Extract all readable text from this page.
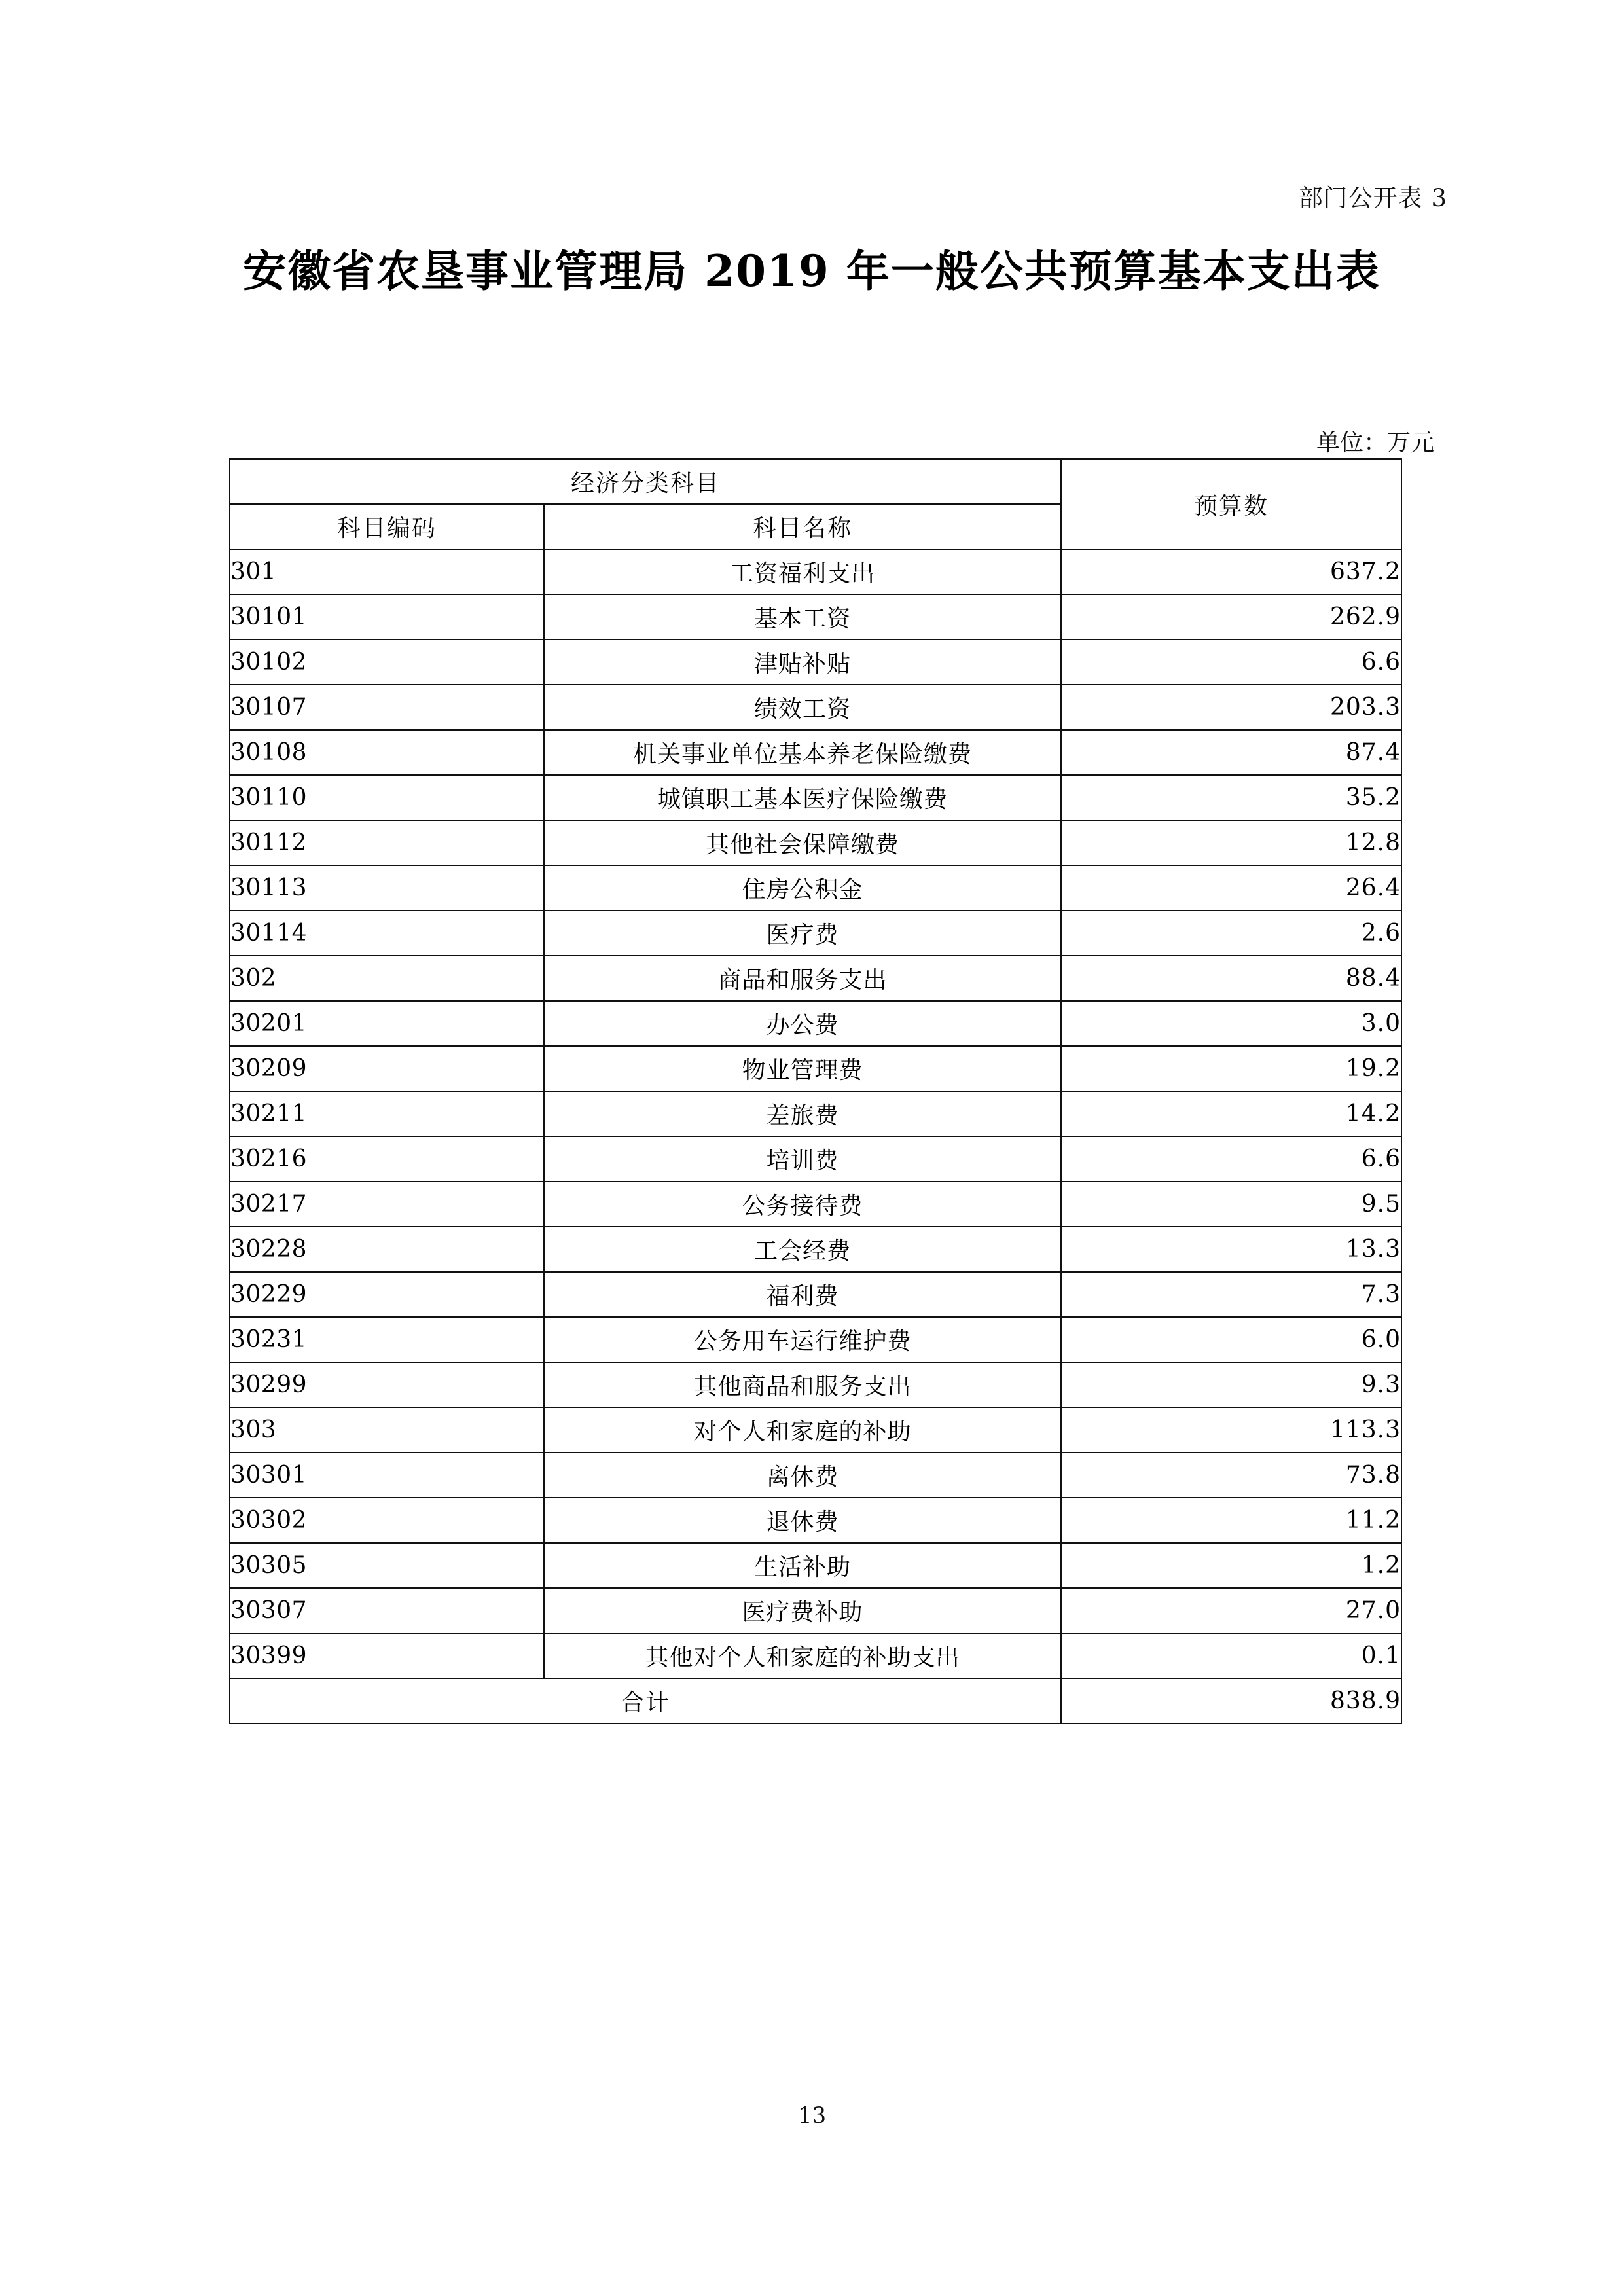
部门公开表 3
安徽省农垦事业管理局 2019 年一般公共预算基本支出表
单位：万元
经济分类科目		预算数
科目编码	科目名称	
301	工资福利支出	637.2
30101	基本工资	262.9
30102	津贴补贴	6.6
30107	绩效工资	203.3
30108	机关事业单位基本养老保险缴费	87.4
30110	城镇职工基本医疗保险缴费	35.2
30112	其他社会保障缴费	12.8
30113	住房公积金	26.4
30114	医疗费	2.6
302	商品和服务支出	88.4
30201	办公费	3.0
30209	物业管理费	19.2
30211	差旅费	14.2
30216	培训费	6.6
30217	公务接待费	9.5
30228	工会经费	13.3
30229	福利费	7.3
30231	公务用车运行维护费	6.0
30299	其他商品和服务支出	9.3
303	对个人和家庭的补助	113.3
30301	离休费	73.8
30302	退休费	11.2
30305	生活补助	1.2
30307	医疗费补助	27.0
30399	其他对个人和家庭的补助支出	0.1
合计		838.9
13
